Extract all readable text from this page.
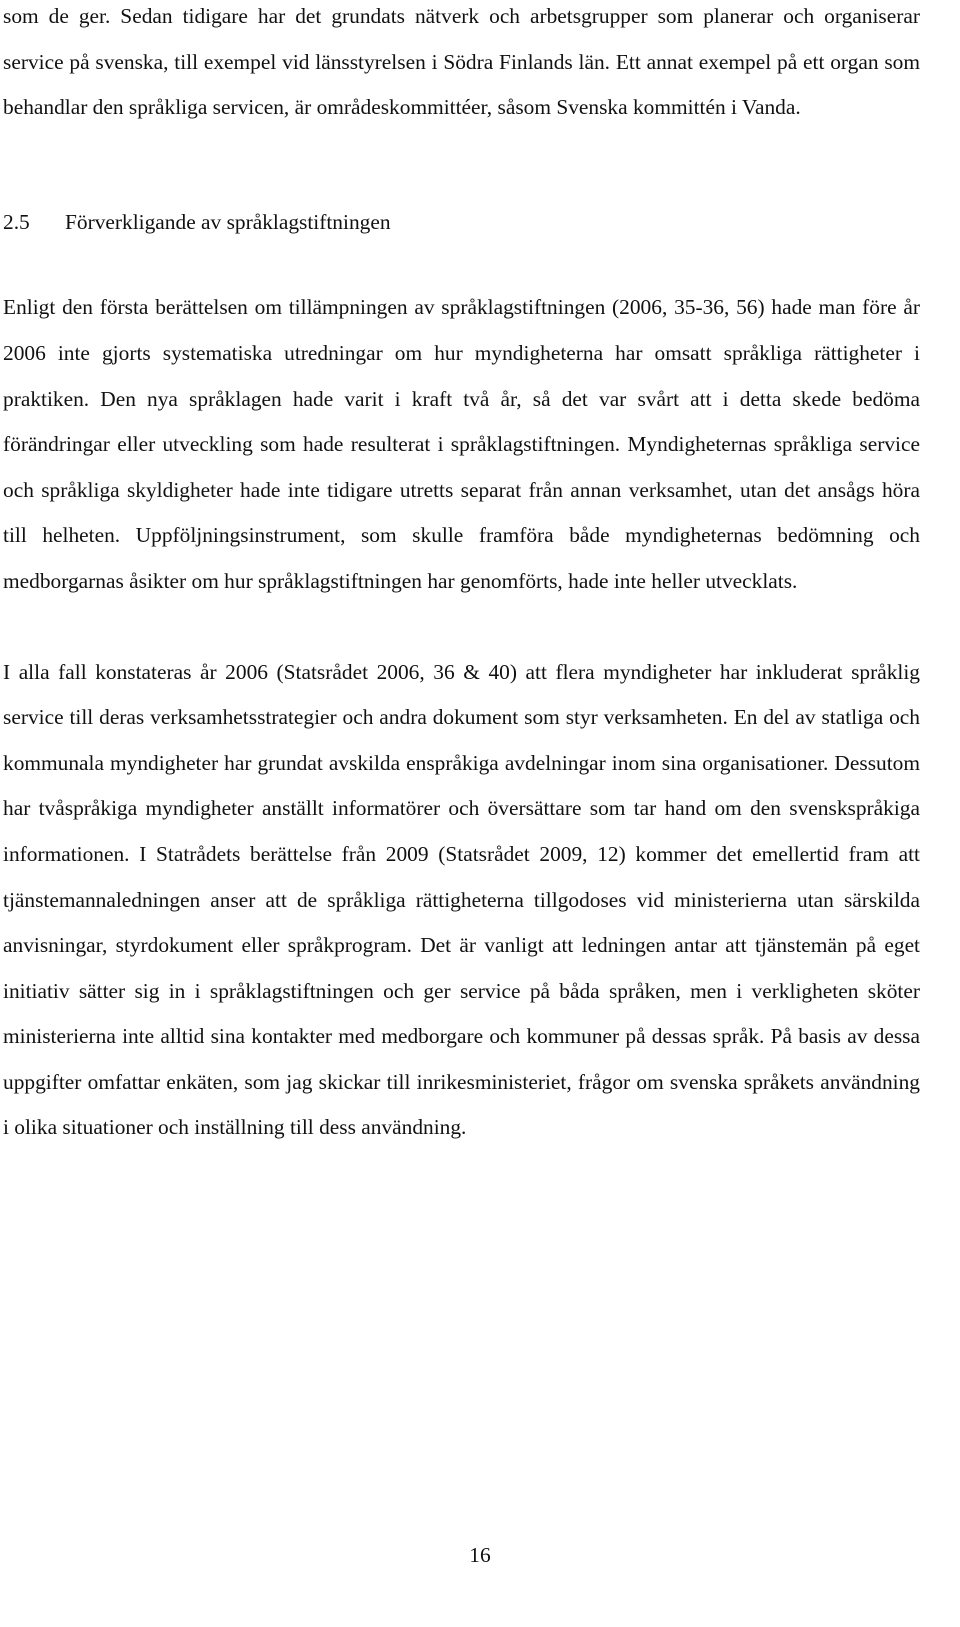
som de ger. Sedan tidigare har det grundats nätverk och arbetsgrupper som planerar och organiserar service på svenska, till exempel vid länsstyrelsen i Södra Finlands län. Ett annat exempel på ett organ som behandlar den språkliga servicen, är områdeskommittéer, såsom Svenska kommittén i Vanda.

2.5	Förverkligande av språklagstiftningen

Enligt den första berättelsen om tillämpningen av språklagstiftningen (2006, 35-36, 56) hade man före år 2006 inte gjorts systematiska utredningar om hur myndigheterna har omsatt språkliga rättigheter i praktiken. Den nya språklagen hade varit i kraft två år, så det var svårt att i detta skede bedöma förändringar eller utveckling som hade resulterat i språklagstiftningen. Myndigheternas språkliga service och språkliga skyldigheter hade inte tidigare utretts separat från annan verksamhet, utan det ansågs höra till helheten. Uppföljningsinstrument, som skulle framföra både myndigheternas bedömning och medborgarnas åsikter om hur språklagstiftningen har genomförts, hade inte heller utvecklats.

I alla fall konstateras år 2006 (Statsrådet 2006, 36 & 40) att flera myndigheter har inkluderat språklig service till deras verksamhetsstrategier och andra dokument som styr verksamheten. En del av statliga och kommunala myndigheter har grundat avskilda enspråkiga avdelningar inom sina organisationer. Dessutom har tvåspråkiga myndigheter anställt informatörer och översättare som tar hand om den svenskspråkiga informationen. I Statrådets berättelse från 2009 (Statsrådet 2009, 12) kommer det emellertid fram att tjänstemannaledningen anser att de språkliga rättigheterna tillgodoses vid ministerierna utan särskilda anvisningar, styrdokument eller språkprogram. Det är vanligt att ledningen antar att tjänstemän på eget initiativ sätter sig in i språklagstiftningen och ger service på båda språken, men i verkligheten sköter ministerierna inte alltid sina kontakter med medborgare och kommuner på dessas språk. På basis av dessa uppgifter omfattar enkäten, som jag skickar till inrikesministeriet, frågor om svenska språkets användning i olika situationer och inställning till dess användning.

16
